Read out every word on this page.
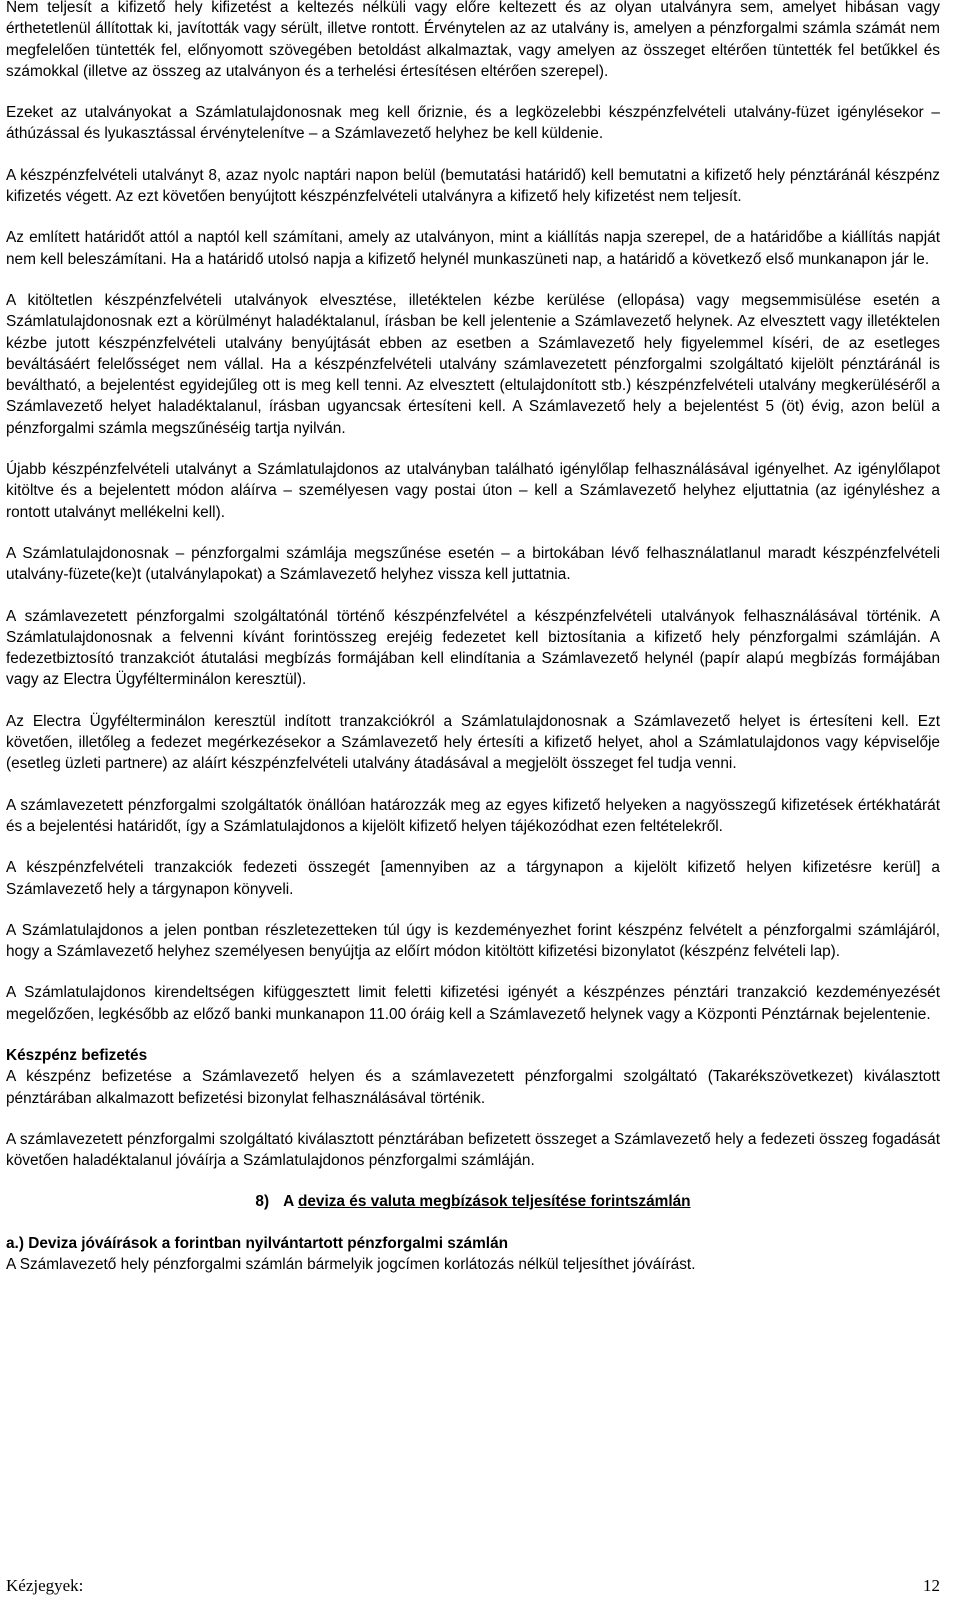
Nem teljesít a kifizető hely kifizetést a keltezés nélküli vagy előre keltezett és az olyan utalványra sem, amelyet hibásan vagy érthetetlenül állítottak ki, javították vagy sérült, illetve rontott. Érvénytelen az az utalvány is, amelyen a pénzforgalmi számla számát nem megfelelően tüntették fel, előnyomott szövegében betoldást alkalmaztak, vagy amelyen az összeget eltérően tüntették fel betűkkel és számokkal (illetve az összeg az utalványon és a terhelési értesítésen eltérően szerepel).

Ezeket az utalványokat a Számlatulajdonosnak meg kell őriznie, és a legközelebbi készpénzfelvételi utalvány-füzet igénylésekor – áthúzással és lyukasztással érvénytelenítve – a Számlavezető helyhez be kell küldenie.

A készpénzfelvételi utalványt 8, azaz nyolc naptári napon belül (bemutatási határidő) kell bemutatni a kifizető hely pénztáránál készpénz kifizetés végett. Az ezt követően benyújtott készpénzfelvételi utalványra a kifizető hely kifizetést nem teljesít.

Az említett határidőt attól a naptól kell számítani, amely az utalványon, mint a kiállítás napja szerepel, de a határidőbe a kiállítás napját nem kell beleszámítani. Ha a határidő utolsó napja a kifizető helynél munkaszüneti nap, a határidő a következő első munkanapon jár le.

A kitöltetlen készpénzfelvételi utalványok elvesztése, illetéktelen kézbe kerülése (ellopása) vagy megsemmisülése esetén a Számlatulajdonosnak ezt a körülményt haladéktalanul, írásban be kell jelentenie a Számlavezető helynek. Az elvesztett vagy illetéktelen kézbe jutott készpénzfelvételi utalvány benyújtását ebben az esetben a Számlavezető hely figyelemmel kíséri, de az esetleges beváltásáért felelősséget nem vállal. Ha a készpénzfelvételi utalvány számlavezetett pénzforgalmi szolgáltató kijelölt pénztáránál is beváltható, a bejelentést egyidejűleg ott is meg kell tenni. Az elvesztett (eltulajdonított stb.) készpénzfelvételi utalvány megkerüléséről a Számlavezető helyet haladéktalanul, írásban ugyancsak értesíteni kell. A Számlavezető hely a bejelentést 5 (öt) évig, azon belül a pénzforgalmi számla megszűnéséig tartja nyilván.

Újabb készpénzfelvételi utalványt a Számlatulajdonos az utalványban található igénylőlap felhasználásával igényelhet. Az igénylőlapot kitöltve és a bejelentett módon aláírva – személyesen vagy postai úton – kell a Számlavezető helyhez eljuttatnia (az igényléshez a rontott utalványt mellékelni kell).

A Számlatulajdonosnak – pénzforgalmi számlája megszűnése esetén – a birtokában lévő felhasználatlanul maradt készpénzfelvételi utalvány-füzete(ke)t (utalványlapokat) a Számlavezető helyhez vissza kell juttatnia.

A számlavezetett pénzforgalmi szolgáltatónál történő készpénzfelvétel a készpénzfelvételi utalványok felhasználásával történik. A Számlatulajdonosnak a felvenni kívánt forintösszeg erejéig fedezetet kell biztosítania a kifizető hely pénzforgalmi számláján. A fedezetbiztosító tranzakciót átutalási megbízás formájában kell elindítania a Számlavezető helynél (papír alapú megbízás formájában vagy az Electra Ügyfélterminálon keresztül).

Az Electra Ügyfélterminálon keresztül indított tranzakciókról a Számlatulajdonosnak a Számlavezető helyet is értesíteni kell. Ezt követően, illetőleg a fedezet megérkezésekor a Számlavezető hely értesíti a kifizető helyet, ahol a Számlatulajdonos vagy képviselője (esetleg üzleti partnere) az aláírt készpénzfelvételi utalvány átadásával a megjelölt összeget fel tudja venni.

A számlavezetett pénzforgalmi szolgáltatók önállóan határozzák meg az egyes kifizető helyeken a nagyösszegű kifizetések értékhatárát és a bejelentési határidőt, így a Számlatulajdonos a kijelölt kifizető helyen tájékozódhat ezen feltételekről.

A készpénzfelvételi tranzakciók fedezeti összegét [amennyiben az a tárgynapon a kijelölt kifizető helyen kifizetésre kerül] a Számlavezető hely a tárgynapon könyveli.

A Számlatulajdonos a jelen pontban részletezetteken túl úgy is kezdeményezhet forint készpénz felvételt a pénzforgalmi számlájáról, hogy a Számlavezető helyhez személyesen benyújtja az előírt módon kitöltött kifizetési bizonylatot (készpénz felvételi lap).

A Számlatulajdonos kirendeltségen kifüggesztett limit feletti kifizetési igényét a készpénzes pénztári tranzakció kezdeményezését megelőzően, legkésőbb az előző banki munkanapon 11.00 óráig kell a Számlavezető helynek vagy a Központi Pénztárnak bejelentenie.

Készpénz befizetés

A készpénz befizetése a Számlavezető helyen és a számlavezetett pénzforgalmi szolgáltató (Takarékszövetkezet) kiválasztott pénztárában alkalmazott befizetési bizonylat felhasználásával történik.

A számlavezetett pénzforgalmi szolgáltató kiválasztott pénztárában befizetett összeget a Számlavezető hely a fedezeti összeg fogadását követően haladéktalanul jóváírja a Számlatulajdonos pénzforgalmi számláján.

8) A deviza és valuta megbízások teljesítése forintszámlán
a.) Deviza jóváírások a forintban nyilvántartott pénzforgalmi számlán

A Számlavezető hely pénzforgalmi számlán bármelyik jogcímen korlátozás nélkül teljesíthet jóváírást.

Kézjegyek:	12
